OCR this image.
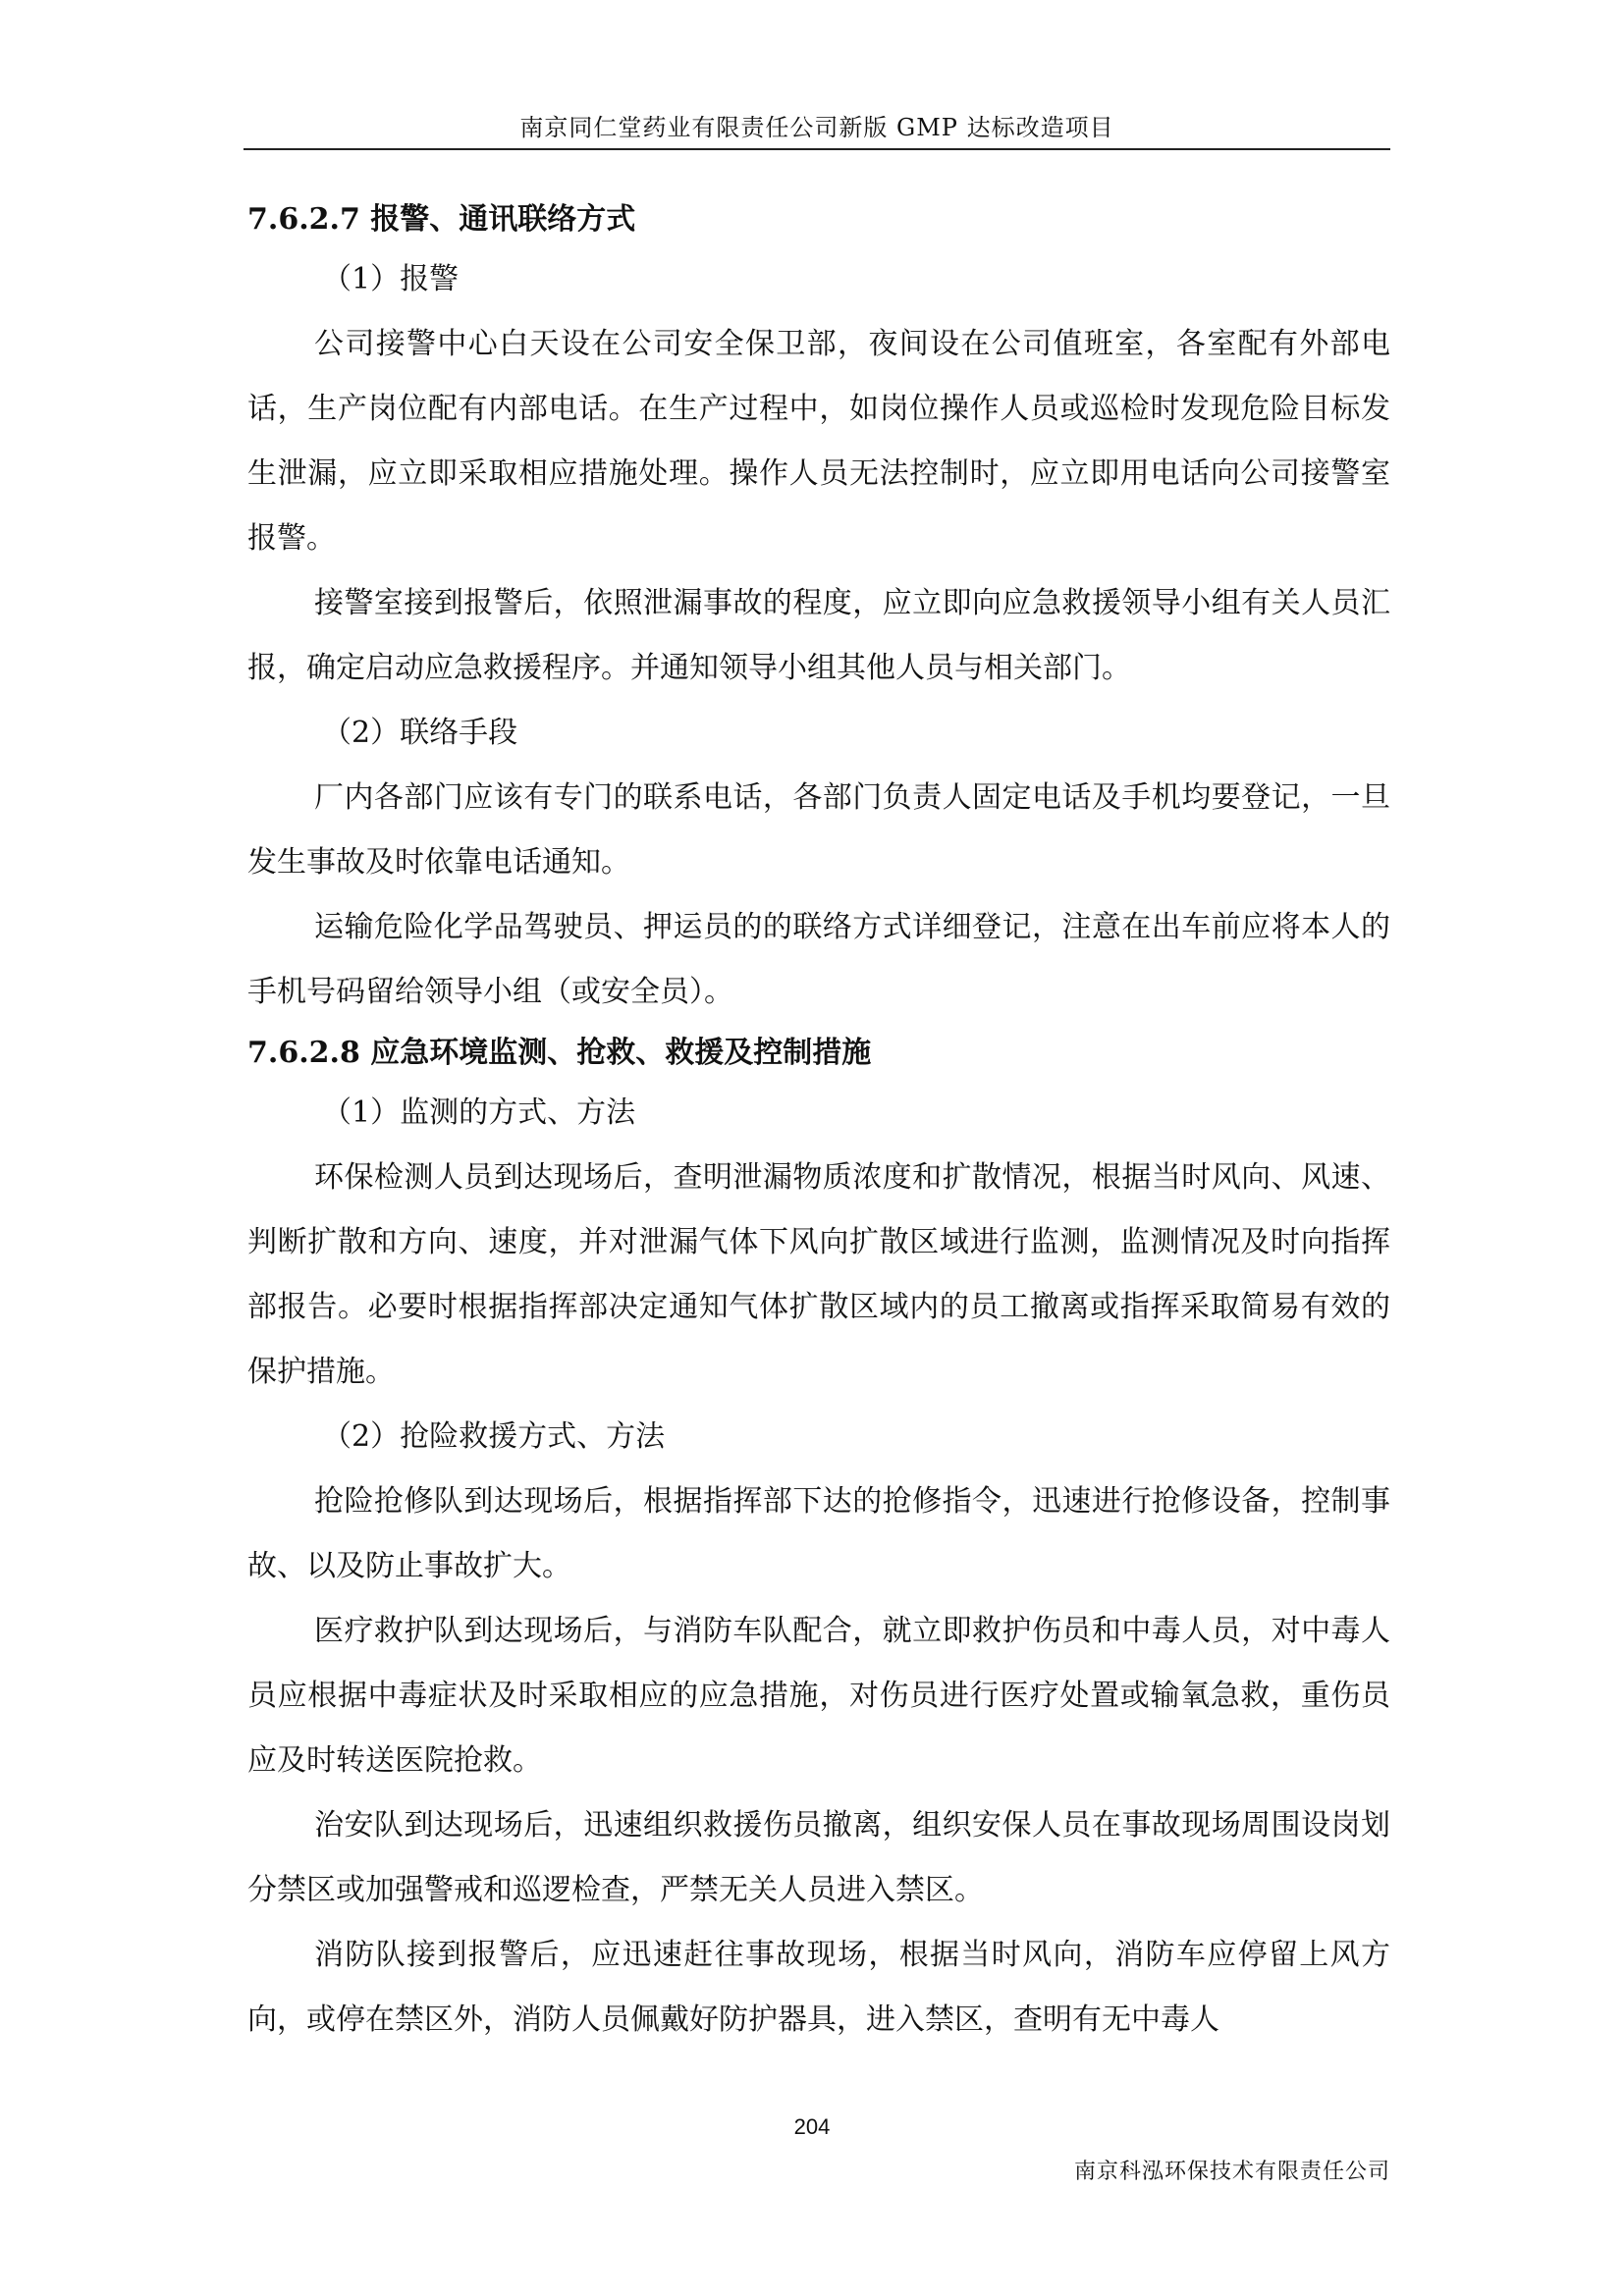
南京同仁堂药业有限责任公司新版 GMP 达标改造项目
7.6.2.7 报警、通讯联络方式
（1）报警

公司接警中心白天设在公司安全保卫部，夜间设在公司值班室，各室配有外部电话，生产岗位配有内部电话。在生产过程中，如岗位操作人员或巡检时发现危险目标发生泄漏，应立即采取相应措施处理。操作人员无法控制时，应立即用电话向公司接警室报警。

接警室接到报警后，依照泄漏事故的程度，应立即向应急救援领导小组有关人员汇报，确定启动应急救援程序。并通知领导小组其他人员与相关部门。

（2）联络手段

厂内各部门应该有专门的联系电话，各部门负责人固定电话及手机均要登记，一旦发生事故及时依靠电话通知。

运输危险化学品驾驶员、押运员的的联络方式详细登记，注意在出车前应将本人的手机号码留给领导小组（或安全员）。

7.6.2.8 应急环境监测、抢救、救援及控制措施
（1）监测的方式、方法

环保检测人员到达现场后，查明泄漏物质浓度和扩散情况，根据当时风向、风速、判断扩散和方向、速度，并对泄漏气体下风向扩散区域进行监测，监测情况及时向指挥部报告。必要时根据指挥部决定通知气体扩散区域内的员工撤离或指挥采取简易有效的保护措施。

（2）抢险救援方式、方法

抢险抢修队到达现场后，根据指挥部下达的抢修指令，迅速进行抢修设备，控制事故、以及防止事故扩大。

医疗救护队到达现场后，与消防车队配合，就立即救护伤员和中毒人员，对中毒人员应根据中毒症状及时采取相应的应急措施，对伤员进行医疗处置或输氧急救，重伤员应及时转送医院抢救。

治安队到达现场后，迅速组织救援伤员撤离，组织安保人员在事故现场周围设岗划分禁区或加强警戒和巡逻检查，严禁无关人员进入禁区。

消防队接到报警后，应迅速赶往事故现场，根据当时风向，消防车应停留上风方向，或停在禁区外，消防人员佩戴好防护器具，进入禁区，查明有无中毒人

204
南京科泓环保技术有限责任公司
